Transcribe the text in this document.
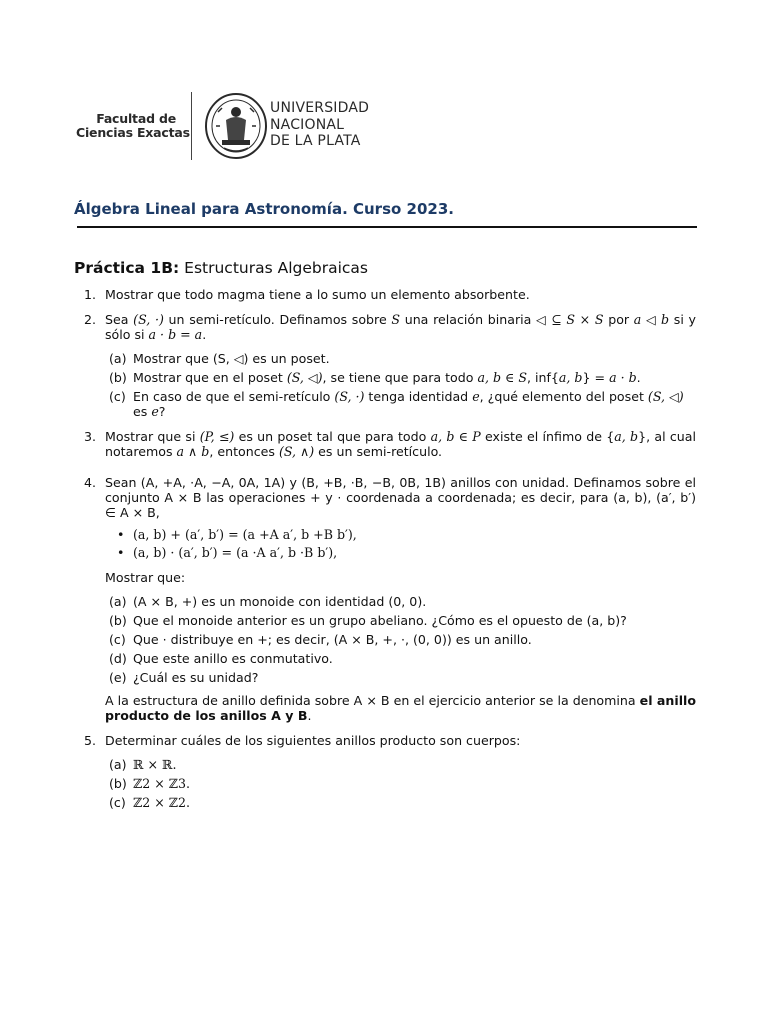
Facultad de
Ciencias Exactas
UNIVERSIDAD
NACIONAL
DE LA PLATA
Álgebra Lineal para Astronomía. Curso 2023.
Práctica 1B: Estructuras Algebraicas
1. Mostrar que todo magma tiene a lo sumo un elemento absorbente.
2. Sea (S, ·) un semi-retículo. Definamos sobre S una relación binaria ◁ ⊆ S × S por a ◁ b si y sólo si a · b = a.
(a) Mostrar que (S, ◁) es un poset.
(b) Mostrar que en el poset (S, ◁), se tiene que para todo a, b ∈ S, inf{a, b} = a · b.
(c) En caso de que el semi-retículo (S, ·) tenga identidad e, ¿qué elemento del poset (S, ◁) es e?
3. Mostrar que si (P, ≤) es un poset tal que para todo a, b ∈ P existe el ínfimo de {a, b}, al cual notaremos a ∧ b, entonces (S, ∧) es un semi-retículo.
4. Sean (A, +A, ·A, −A, 0A, 1A) y (B, +B, ·B, −B, 0B, 1B) anillos con unidad. Definamos sobre el conjunto A × B las operaciones + y · coordenada a coordenada; es decir, para (a, b), (a′, b′) ∈ A × B,
• (a, b) + (a′, b′) = (a +A a′, b +B b′),
• (a, b) · (a′, b′) = (a ·A a′, b ·B b′),
Mostrar que:
(a) (A × B, +) es un monoide con identidad (0, 0).
(b) Que el monoide anterior es un grupo abeliano. ¿Cómo es el opuesto de (a, b)?
(c) Que · distribuye en +; es decir, (A × B, +, ·, (0, 0)) es un anillo.
(d) Que este anillo es conmutativo.
(e) ¿Cuál es su unidad?
A la estructura de anillo definida sobre A × B en el ejercicio anterior se la denomina el anillo producto de los anillos A y B.
5. Determinar cuáles de los siguientes anillos producto son cuerpos:
(a) ℝ × ℝ.
(b) ℤ2 × ℤ3.
(c) ℤ2 × ℤ2.
